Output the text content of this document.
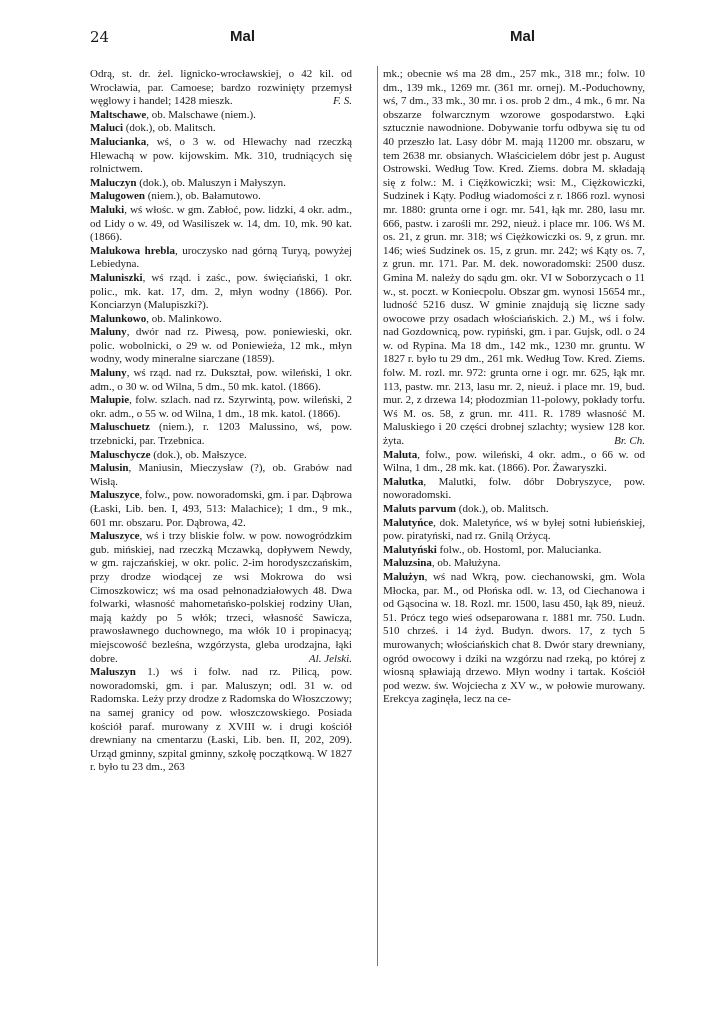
24	Mal	Mal

Odrą, st. dr. żel. lignicko-wrocławskiej, o 42 kil. od Wrocławia, par. Camoese; bardzo rozwinięty przemysł węglowy i handel; 1428 mieszk.	F. S.

Maltschawe, ob. Malschawe (niem.).

Maluci (dok.), ob. Malitsch.

Malucianka, wś, o 3 w. od Hlewachy nad rzeczką Hlewachą w pow. kijowskim. Mk. 310, trudniących się rolnictwem.

Maluczyn (dok.), ob. Maluszyn i Małyszyn.

Malugowen (niem.), ob. Bałamutowo.

Maluki, wś włośc. w gm. Zabłoć, pow. lidzki, 4 okr. adm., od Lidy o w. 49, od Wasiliszek w. 14, dm. 10, mk. 90 kat. (1866).

Malukowa hrebla, uroczysko nad górną Turyą, powyżej Lebiedyna.

Maluniszki, wś rząd. i zaśc., pow. święciański, 1 okr. polic., mk. kat. 17, dm. 2, młyn wodny (1866). Por. Konciarzyn (Malupiszki?).

Malunkowo, ob. Malinkowo.

Maluny, dwór nad rz. Piwesą, pow. poniewieski, okr. polic. wobolnicki, o 29 w. od Poniewieża, 12 mk., młyn wodny, wody mineralne siarczane (1859).

Maluny, wś rząd. nad rz. Dukształ, pow. wileński, 1 okr. adm., o 30 w. od Wilna, 5 dm., 50 mk. katol. (1866).

Malupie, folw. szlach. nad rz. Szyrwintą, pow. wileński, 2 okr. adm., o 55 w. od Wilna, 1 dm., 18 mk. katol. (1866).

Maluschuetz (niem.), r. 1203 Malussino, wś, pow. trzebnicki, par. Trzebnica.

Maluschycze (dok.), ob. Małszyce.

Malusin, Maniusin, Mieczysław (?), ob. Grabów nad Wisłą.

Maluszyce, folw., pow. noworadomski, gm. i par. Dąbrowa (Łaski, Lib. ben. I, 493, 513: Malachice); 1 dm., 9 mk., 601 mr. obszaru. Por. Dąbrowa, 42.

Maluszyce, wś i trzy bliskie folw. w pow. nowogródzkim gub. mińskiej, nad rzeczką Mczawką, dopływem Newdy, w gm. rajczańskiej, w okr. polic. 2-im horodyszczańskim, przy drodze wiodącej ze wsi Mokrowa do wsi Cimoszkowicz; wś ma osad pełnonadziałowych 48. Dwa folwarki, własność mahometańsko-polskiej rodziny Ułan, mają każdy po 5 włók; trzeci, własność Sawicza, prawosławnego duchownego, ma włók 10 i propinacyą; miejscowość bezleśna, wzgórzysta, gleba urodzajna, łąki dobre.	Al. Jelski.

Maluszyn 1.) wś i folw. nad rz. Pilicą, pow. noworadomski, gm. i par. Maluszyn; odl. 31 w. od Radomska. Leży przy drodze z Radomska do Włoszczowy; na samej granicy od pow. włoszczowskiego. Posiada kościół paraf. murowany z XVIII w. i drugi kościół drewniany na cmentarzu (Łaski, Lib. ben. II, 202, 209). Urząd gminny, szpital gminny, szkołę początkową. W 1827 r. było tu 23 dm., 263

mk.; obecnie wś ma 28 dm., 257 mk., 318 mr.; folw. 10 dm., 139 mk., 1269 mr. (361 mr. ornej). M.-Poduchowny, wś, 7 dm., 33 mk., 30 mr. i os. prob 2 dm., 4 mk., 6 mr. Na obszarze folwarcznym wzorowe gospodarstwo. Łąki sztucznie nawodnione. Dobywanie torfu odbywa się tu od 40 przeszło lat. Lasy dóbr M. mają 11200 mr. obszaru, w tem 2638 mr. obsianych. Właścicielem dóbr jest p. August Ostrowski. Według Tow. Kred. Ziems. dobra M. składają się z folw.: M. i Ciężkowiczki; wsi: M., Ciężkowiczki, Sudzinek i Kąty. Podług wiadomości z r. 1866 rozl. wynosi mr. 1880: grunta orne i ogr. mr. 541, łąk mr. 280, lasu mr. 666, pastw. i zarośli mr. 292, nieuż. i place mr. 106. Wś M. os. 21, z grun. mr. 318; wś Ciężkowiczki os. 9, z grun. mr. 146; wieś Sudzinek os. 15, z grun. mr. 242; wś Kąty os. 7, z grun. mr. 171. Par. M. dek. noworadomski: 2500 dusz. Gmina M. należy do sądu gm. okr. VI w Soborzycach o 11 w., st. poczt. w Koniecpolu. Obszar gm. wynosi 15654 mr., ludność 5216 dusz. W gminie znajdują się liczne sady owocowe przy osadach włościańskich. 2.) M., wś i folw. nad Gozdownicą, pow. rypiński, gm. i par. Gujsk, odl. o 24 w. od Rypina. Ma 18 dm., 142 mk., 1230 mr. gruntu. W 1827 r. było tu 29 dm., 261 mk. Według Tow. Kred. Ziems. folw. M. rozl. mr. 972: grunta orne i ogr. mr. 625, łąk mr. 113, pastw. mr. 213, lasu mr. 2, nieuż. i place mr. 19, bud. mur. 2, z drzewa 14; płodozmian 11-polowy, pokłady torfu. Wś M. os. 58, z grun. mr. 411. R. 1789 własność M. Maluskiego i 20 części drobnej szlachty; wysiew 128 kor. żyta.	Br. Ch.

Maluta, folw., pow. wileński, 4 okr. adm., o 66 w. od Wilna, 1 dm., 28 mk. kat. (1866). Por. Żawaryszki.

Malutka, Malutki, folw. dóbr Dobryszyce, pow. noworadomski.

Maluts parvum (dok.), ob. Malitsch.

Malutyńce, dok. Maletyńce, wś w byłej sotni łubieńskiej, pow. piratyński, nad rz. Gnilą Orżycą.

Malutyński folw., ob. Hostoml, por. Malucianka.

Maluzsina, ob. Małużyna.

Malużyn, wś nad Wkrą, pow. ciechanowski, gm. Wola Młocka, par. M., od Płońska odl. w. 13, od Ciechanowa i od Gąsocina w. 18. Rozl. mr. 1500, lasu 450, łąk 89, nieuż. 51. Prócz tego wieś odseparowana r. 1881 mr. 750. Ludn. 510 chrześ. i 14 żyd. Budyn. dwors. 17, z tych 5 murowanych; włościańskich chat 8. Dwór stary drewniany, ogród owocowy i dziki na wzgórzu nad rzeką, po której z wiosną spławiają drzewo. Młyn wodny i tartak. Kościół pod wezw. św. Wojciecha z XV w., w połowie murowany. Erekcya zaginęła, lecz na ce-
